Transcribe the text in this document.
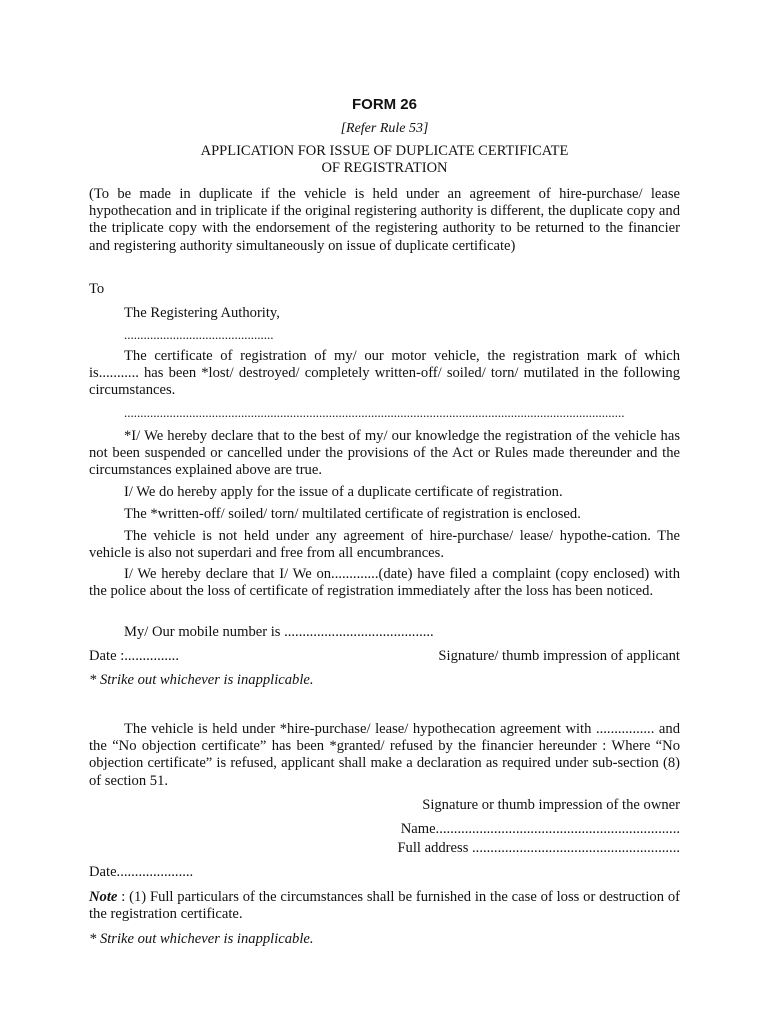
FORM 26
[Refer Rule 53]
APPLICATION FOR ISSUE OF DUPLICATE CERTIFICATE
OF REGISTRATION

(To be made in duplicate if the vehicle is held under an agreement of hire-purchase/ lease hypothecation and in triplicate if the original registering authority is different, the duplicate copy and the triplicate copy with the endorsement of the registering authority to be returned to the financier and registering authority simultaneously on issue of duplicate certificate)

To

The Registering Authority,

..............................................

The certificate of registration of my/ our motor vehicle, the registration mark of which is........... has been *lost/ destroyed/ completely written-off/ soiled/ torn/ mutilated in the following circumstances.

..........................................................................................................................................................

*I/ We hereby declare that to the best of my/ our knowledge the registration of the vehicle has not been suspended or cancelled under the provisions of the Act or Rules made thereunder and the circumstances explained above are true.

I/ We do hereby apply for the issue of a duplicate certificate of registration.

The *written-off/ soiled/ torn/ multilated certificate of registration is enclosed.

The vehicle is not held under any agreement of hire-purchase/ lease/ hypothe-cation. The vehicle is also not superdari and free from all encumbrances.

I/ We hereby declare that I/ We on.............(date) have filed a complaint (copy enclosed) with the police about the loss of certificate of registration immediately after the loss has been noticed.

My/ Our mobile number is .........................................

Date :...............	Signature/ thumb impression of applicant

* Strike out whichever is inapplicable.

The vehicle is held under *hire-purchase/ lease/ hypothecation agreement with ................ and the “No objection certificate” has been *granted/ refused by the financier hereunder : Where “No objection certificate” is refused, applicant shall make a declaration as required under sub-section (8) of section 51.

Signature or thumb impression of the owner

Name...................................................................

Full address .........................................................

Date.....................

Note : (1) Full particulars of the circumstances shall be furnished in the case of loss or destruction of the registration certificate.

* Strike out whichever is inapplicable.
